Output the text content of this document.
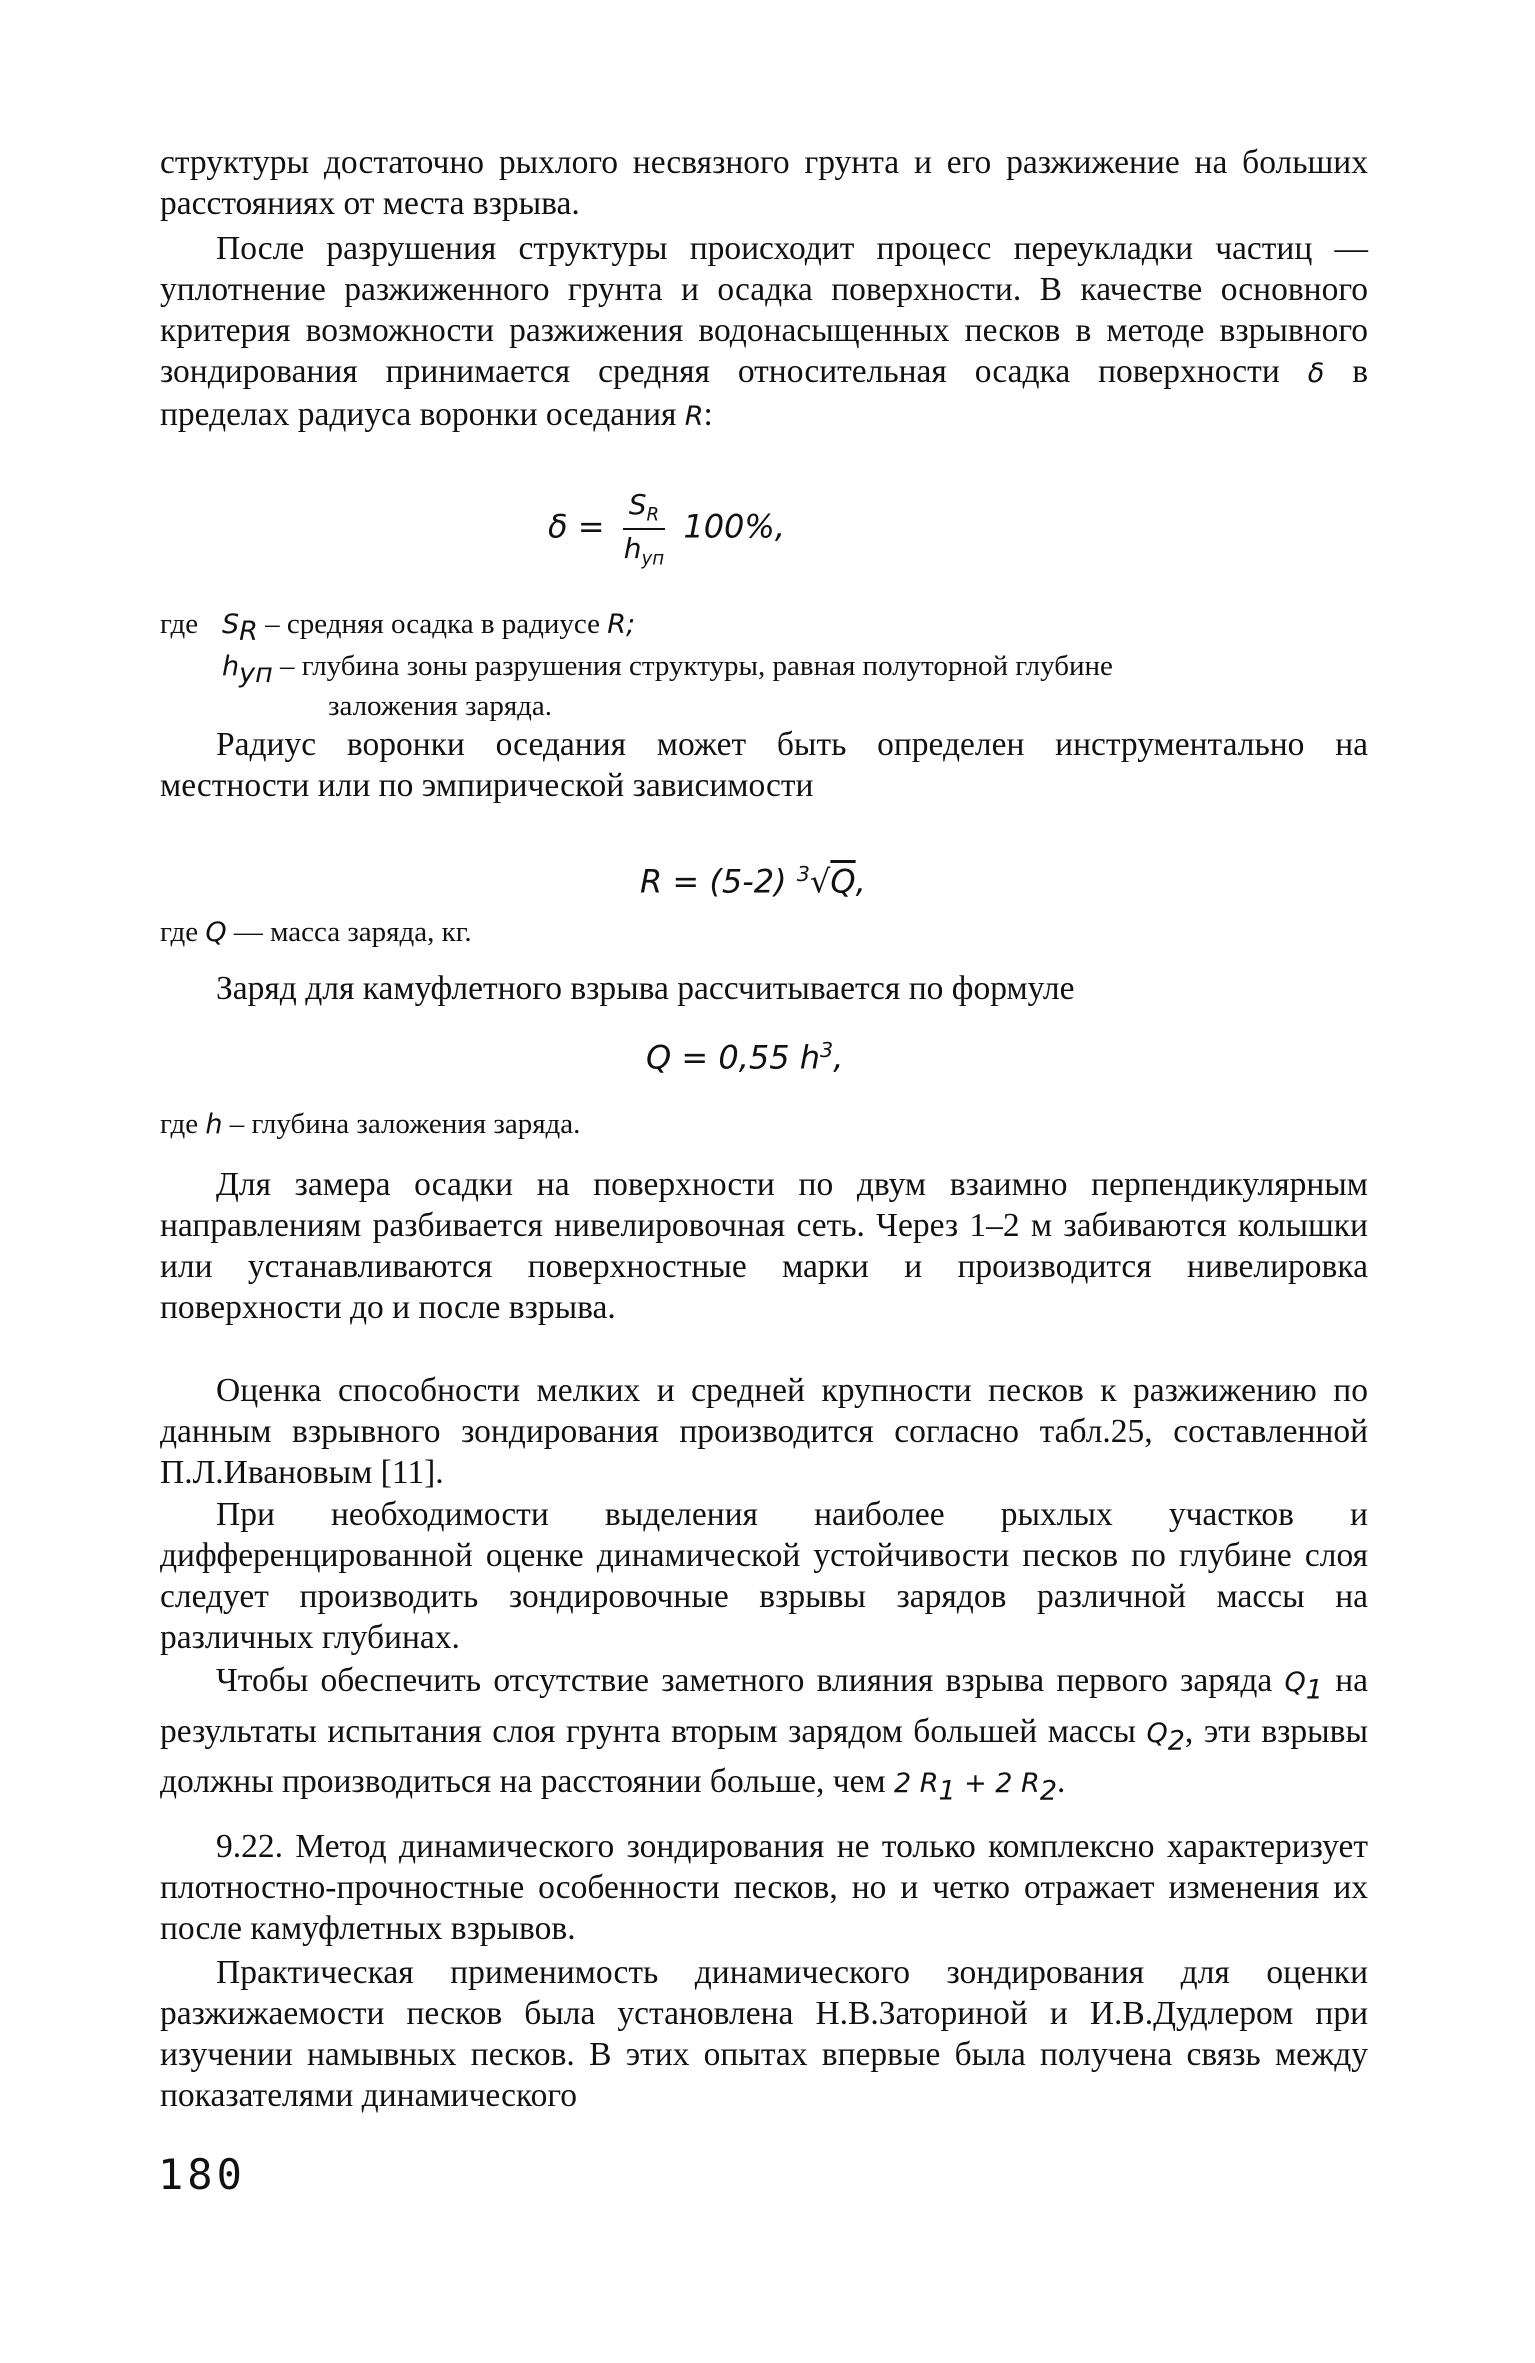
структуры достаточно рыхлого несвязного грунта и его разжижение на больших расстояниях от места взрыва.

После разрушения структуры происходит процесс переукладки частиц — уплотнение разжиженного грунта и осадка поверхности. В качестве основного критерия возможности разжижения водонасыщенных песков в методе взрывного зондирования принимается средняя относительная осадка поверхности δ в пределах радиуса воронки оседания R:

$\delta = \frac{S_R}{h_{уп}} 100\%$,
где $S_R$ – средняя осадка в радиусе R;
$h_{уп}$ – глубина зоны разрушения структуры, равная полуторной глубине
заложения заряда.

Радиус воронки оседания может быть определен инструментально на местности или по эмпирической зависимости

R = (5-2) $^3$√Q,

где Q — масса заряда, кг.

Заряд для камуфлетного взрыва рассчитывается по формуле

Q = 0,55 $h^3$,

где h – глубина заложения заряда.

Для замера осадки на поверхности по двум взаимно перпендикулярным направлениям разбивается нивелировочная сеть. Через 1–2 м забиваются колышки или устанавливаются поверхностные марки и производится нивелировка поверхности до и после взрыва.

Оценка способности мелких и средней крупности песков к разжижению по данным взрывного зондирования производится согласно табл.25, составленной П.Л.Ивановым [11].

При необходимости выделения наиболее рыхлых участков и дифференцированной оценке динамической устойчивости песков по глубине слоя следует производить зондировочные взрывы зарядов различной массы на различных глубинах.

Чтобы обеспечить отсутствие заметного влияния взрыва первого заряда $Q_1$ на результаты испытания слоя грунта вторым зарядом большей массы $Q_2$, эти взрывы должны производиться на расстоянии больше, чем 2 $R_1 + 2$ $R_2$.

9.22. Метод динамического зондирования не только комплексно характеризует плотностно-прочностные особенности песков, но и четко отражает изменения их после камуфлетных взрывов.

Практическая применимость динамического зондирования для оценки разжижаемости песков была установлена Н.В.Заториной и И.В.Дудлером при изучении намывных песков. В этих опытах впервые была получена связь между показателями динамического

180
